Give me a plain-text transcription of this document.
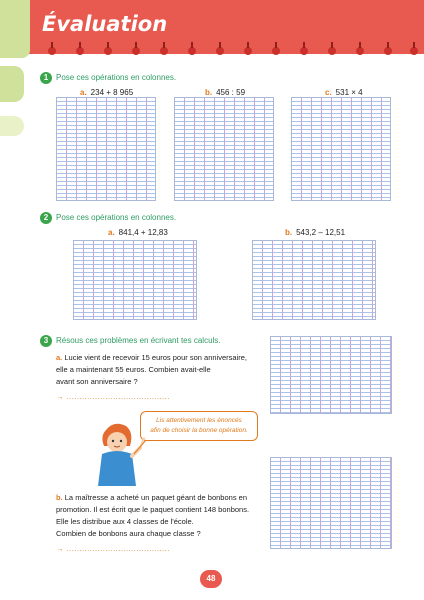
Évaluation
1 Pose ces opérations en colonnes.
a. 234 + 8 965	b. 456 : 59	c. 531 × 4
2 Pose ces opérations en colonnes.
a. 841,4 + 12,83	b. 543,2 – 12,51
3 Résous ces problèmes en écrivant tes calculs.
a. Lucie vient de recevoir 15 euros pour son anniversaire,
elle a maintenant 55 euros. Combien avait-elle
avant son anniversaire ?
→ ........................................
Lis attentivement les énoncés
afin de choisir la bonne opération.
b. La maîtresse a acheté un paquet géant de bonbons en
promotion. Il est écrit que le paquet contient 148 bonbons.
Elle les distribue aux 4 classes de l'école.
Combien de bonbons aura chaque classe ?
→ ........................................
48
